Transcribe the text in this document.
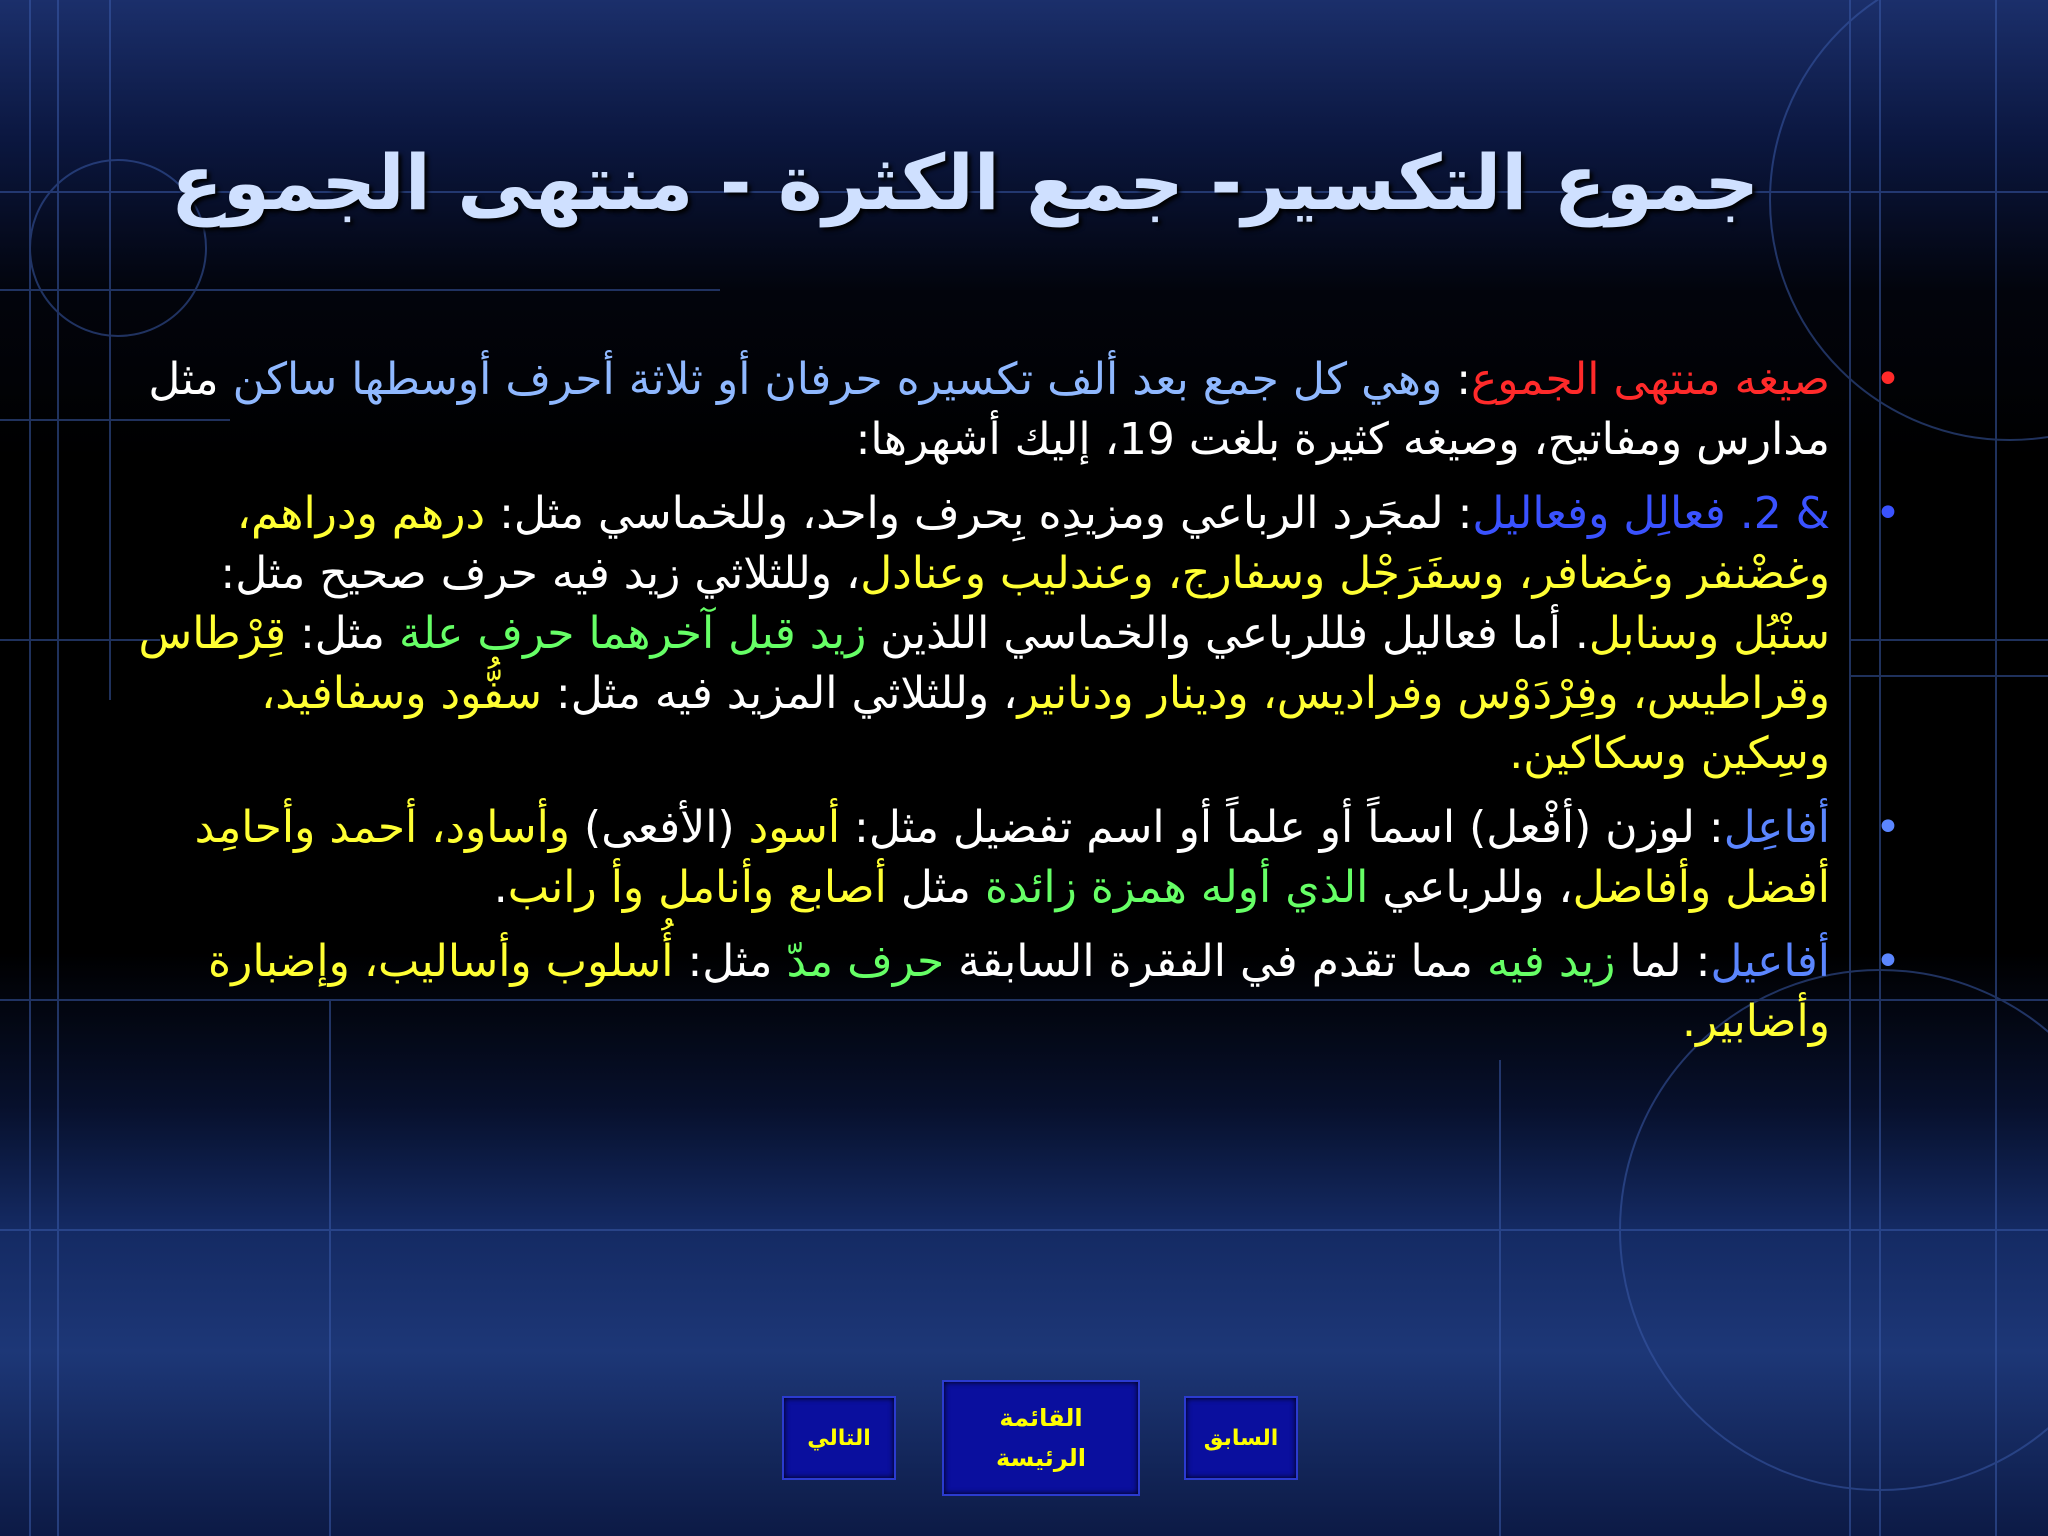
جموع التكسير- جمع الكثرة - منتهى الجموع
•
صيغه منتهى الجموع: وهي كل جمع بعد ألف تكسيره حرفان أو ثلاثة أحرف أوسطها ساكن مثل مدارس ومفاتيح، وصيغه كثيرة بلغت 19، إليك أشهرها:
•
& 2. فعالِل وفعاليل: لمجَرد الرباعي ومزيدِه بِحرف واحد، وللخماسي مثل: درهم ودراهم، وغضْنفر وغضافر، وسفَرَجْل وسفارج، وعندليب وعنادل، وللثلاثي زيد فيه حرف صحيح مثل: سنْبُل وسنابل. أما فعاليل فللرباعي والخماسي اللذين زيد قبل آخرهما حرف علة مثل: قِرْطاس وقراطيس، وفِرْدَوْس وفراديس، ودينار ودنانير، وللثلاثي المزيد فيه مثل: سفُّود وسفافيد، وسِكين وسكاكين.
•
أفاعِل: لوزن (أفْعل) اسماً أو علماً أو اسم تفضيل مثل: أسود (الأفعى) وأساود، أحمد وأحامِد أفضل وأفاضل، وللرباعي الذي أوله همزة زائدة مثل أصابع وأنامل وأ رانب.
•
أفاعيل: لما زيد فيه مما تقدم في الفقرة السابقة حرف مدّ مثل: أُسلوب وأساليب، وإضبارة وأضابير.
التالي
القائمة
الرئيسة
السابق
